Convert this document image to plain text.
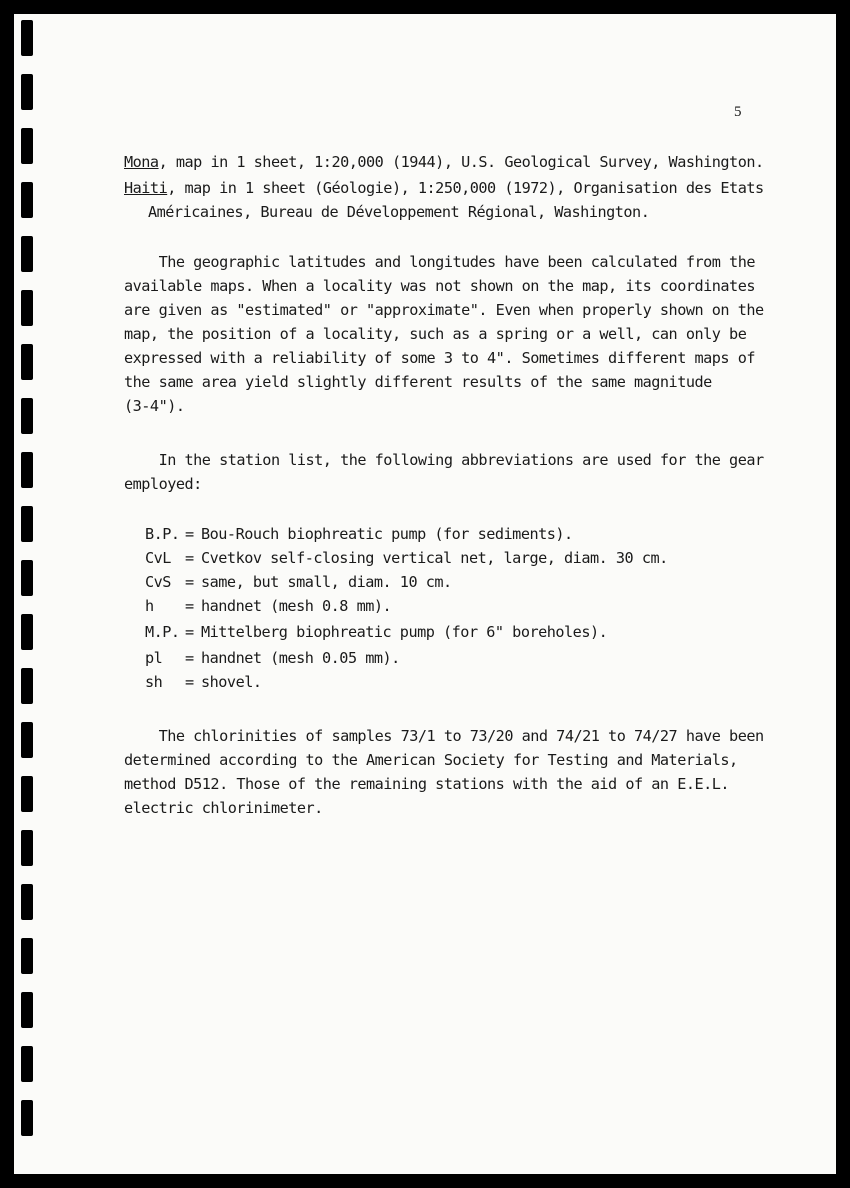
5
Mona, map in 1 sheet, 1:20,000 (1944), U.S. Geological Survey, Washington.
Haiti, map in 1 sheet (Géologie), 1:250,000 (1972), Organisation des Etats
Américaines, Bureau de Développement Régional, Washington.
The geographic latitudes and longitudes have been calculated from the
available maps. When a locality was not shown on the map, its coordinates
are given as "estimated" or "approximate". Even when properly shown on the
map, the position of a locality, such as a spring or a well, can only be
expressed with a reliability of some 3 to 4". Sometimes different maps of
the same area yield slightly different results of the same magnitude
(3-4").
In the station list, the following abbreviations are used for the gear
employed:
B.P. = Bou-Rouch biophreatic pump (for sediments).
CvL = Cvetkov self-closing vertical net, large, diam. 30 cm.
CvS = same, but small, diam. 10 cm.
h	= handnet (mesh 0.8 mm).
M.P. = Mittelberg biophreatic pump (for 6" boreholes).
pl	= handnet (mesh 0.05 mm).
sh	= shovel.
The chlorinities of samples 73/1 to 73/20 and 74/21 to 74/27 have been
determined according to the American Society for Testing and Materials,
method D512. Those of the remaining stations with the aid of an E.E.L.
electric chlorinimeter.
